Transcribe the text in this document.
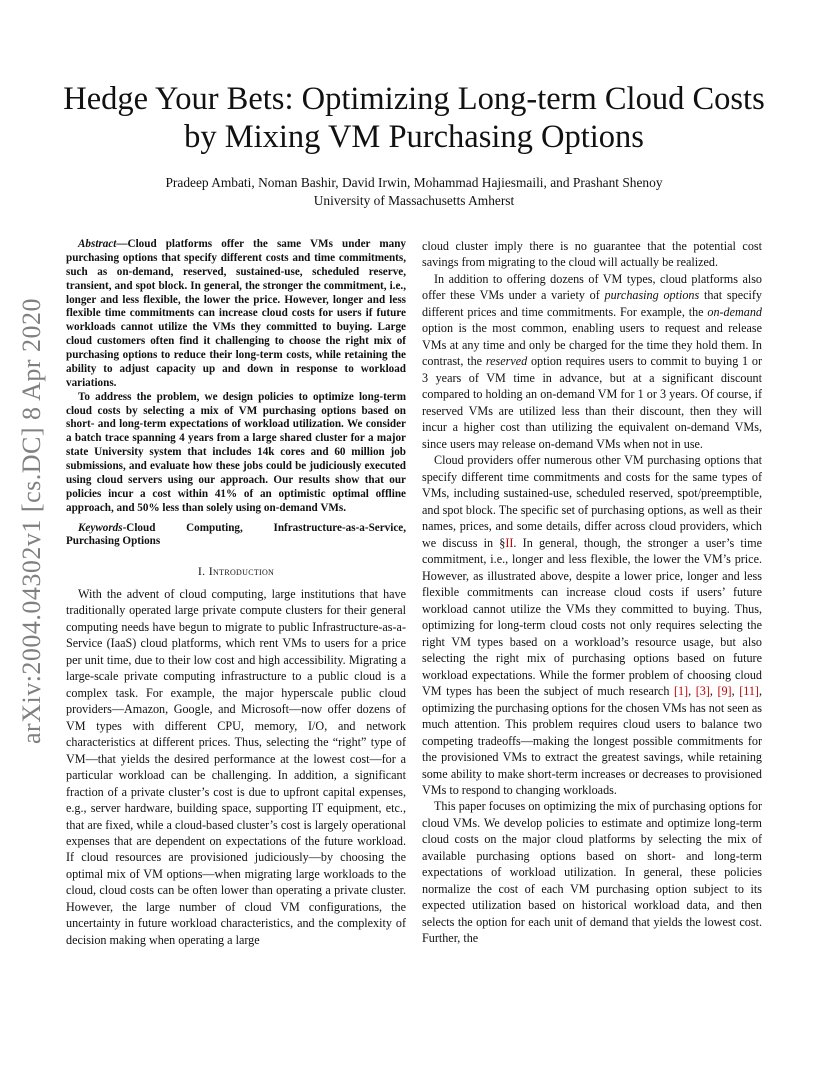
arXiv:2004.04302v1 [cs.DC] 8 Apr 2020
Hedge Your Bets: Optimizing Long-term Cloud Costs by Mixing VM Purchasing Options
Pradeep Ambati, Noman Bashir, David Irwin, Mohammad Hajiesmaili, and Prashant Shenoy
University of Massachusetts Amherst

Abstract—Cloud platforms offer the same VMs under many purchasing options that specify different costs and time commitments, such as on-demand, reserved, sustained-use, scheduled reserve, transient, and spot block. In general, the stronger the commitment, i.e., longer and less flexible, the lower the price. However, longer and less flexible time commitments can increase cloud costs for users if future workloads cannot utilize the VMs they committed to buying. Large cloud customers often find it challenging to choose the right mix of purchasing options to reduce their long-term costs, while retaining the ability to adjust capacity up and down in response to workload variations.

To address the problem, we design policies to optimize long-term cloud costs by selecting a mix of VM purchasing options based on short- and long-term expectations of workload utilization. We consider a batch trace spanning 4 years from a large shared cluster for a major state University system that includes 14k cores and 60 million job submissions, and evaluate how these jobs could be judiciously executed using cloud servers using our approach. Our results show that our policies incur a cost within 41% of an optimistic optimal offline approach, and 50% less than solely using on-demand VMs.

Keywords-Cloud Computing, Infrastructure-as-a-Service, Purchasing Options
I. Introduction

With the advent of cloud computing, large institutions that have traditionally operated large private compute clusters for their general computing needs have begun to migrate to public Infrastructure-as-a-Service (IaaS) cloud platforms, which rent VMs to users for a price per unit time, due to their low cost and high accessibility. Migrating a large-scale private computing infrastructure to a public cloud is a complex task. For example, the major hyperscale public cloud providers—Amazon, Google, and Microsoft—now offer dozens of VM types with different CPU, memory, I/O, and network characteristics at different prices. Thus, selecting the “right” type of VM—that yields the desired performance at the lowest cost—for a particular workload can be challenging. In addition, a significant fraction of a private cluster’s cost is due to upfront capital expenses, e.g., server hardware, building space, supporting IT equipment, etc., that are fixed, while a cloud-based cluster’s cost is largely operational expenses that are dependent on expectations of the future workload. If cloud resources are provisioned judiciously—by choosing the optimal mix of VM options—when migrating large workloads to the cloud, cloud costs can be often lower than operating a private cluster. However, the large number of cloud VM configurations, the uncertainty in future workload characteristics, and the complexity of decision making when operating a large

cloud cluster imply there is no guarantee that the potential cost savings from migrating to the cloud will actually be realized.

In addition to offering dozens of VM types, cloud platforms also offer these VMs under a variety of purchasing options that specify different prices and time commitments. For example, the on-demand option is the most common, enabling users to request and release VMs at any time and only be charged for the time they hold them. In contrast, the reserved option requires users to commit to buying 1 or 3 years of VM time in advance, but at a significant discount compared to holding an on-demand VM for 1 or 3 years. Of course, if reserved VMs are utilized less than their discount, then they will incur a higher cost than utilizing the equivalent on-demand VMs, since users may release on-demand VMs when not in use.

Cloud providers offer numerous other VM purchasing options that specify different time commitments and costs for the same types of VMs, including sustained-use, scheduled reserved, spot/preemptible, and spot block. The specific set of purchasing options, as well as their names, prices, and some details, differ across cloud providers, which we discuss in §II. In general, though, the stronger a user’s time commitment, i.e., longer and less flexible, the lower the VM’s price. However, as illustrated above, despite a lower price, longer and less flexible commitments can increase cloud costs if users’ future workload cannot utilize the VMs they committed to buying. Thus, optimizing for long-term cloud costs not only requires selecting the right VM types based on a workload’s resource usage, but also selecting the right mix of purchasing options based on future workload expectations. While the former problem of choosing cloud VM types has been the subject of much research [1], [3], [9], [11], optimizing the purchasing options for the chosen VMs has not seen as much attention. This problem requires cloud users to balance two competing tradeoffs—making the longest possible commitments for the provisioned VMs to extract the greatest savings, while retaining some ability to make short-term increases or decreases to provisioned VMs to respond to changing workloads.

This paper focuses on optimizing the mix of purchasing options for cloud VMs. We develop policies to estimate and optimize long-term cloud costs on the major cloud platforms by selecting the mix of available purchasing options based on short- and long-term expectations of workload utilization. In general, these policies normalize the cost of each VM purchasing option subject to its expected utilization based on historical workload data, and then selects the option for each unit of demand that yields the lowest cost. Further, the
